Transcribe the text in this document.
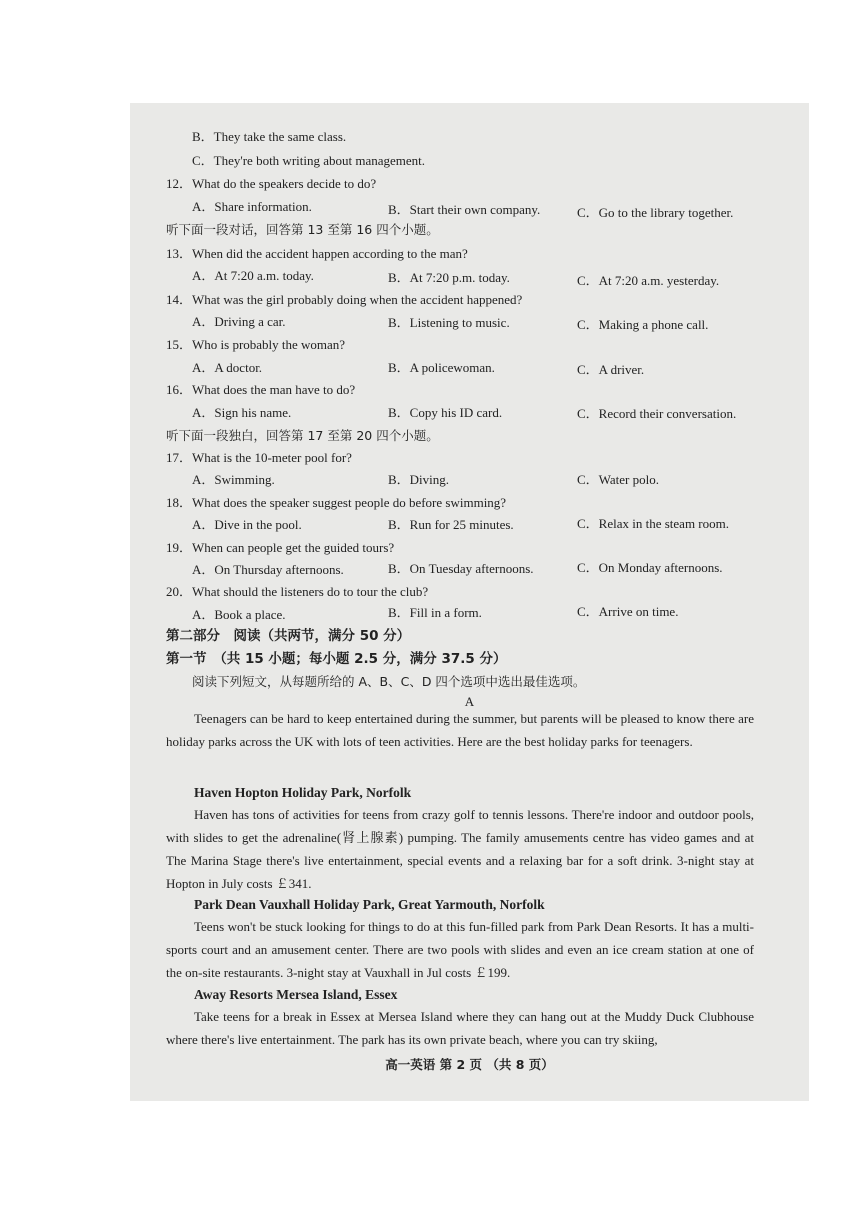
B．They take the same class.
C．They're both writing about management.
12．What do the speakers decide to do?
A．Share information.	B．Start their own company.	C．Go to the library together.
听下面一段对话，回答第 13 至第 16 四个小题。
13．When did the accident happen according to the man?
A．At 7:20 a.m. today.	B．At 7:20 p.m. today.	C．At 7:20 a.m. yesterday.
14．What was the girl probably doing when the accident happened?
A．Driving a car.	B．Listening to music.	C．Making a phone call.
15．Who is probably the woman?
A．A doctor.	B．A policewoman.	C．A driver.
16．What does the man have to do?
A．Sign his name.	B．Copy his ID card.	C．Record their conversation.
听下面一段独白，回答第 17 至第 20 四个小题。
17．What is the 10-meter pool for?
A．Swimming.	B．Diving.	C．Water polo.
18．What does the speaker suggest people do before swimming?
A．Dive in the pool.	B．Run for 25 minutes.	C．Relax in the steam room.
19．When can people get the guided tours?
A．On Thursday afternoons.	B．On Tuesday afternoons.	C．On Monday afternoons.
20．What should the listeners do to tour the club?
A．Book a place.	B．Fill in a form.	C．Arrive on time.
第二部分　阅读（共两节，满分 50 分）
第一节　（共 15 小题；每小题 2.5 分，满分 37.5 分）
阅读下列短文，从每题所给的 A、B、C、D 四个选项中选出最佳选项。
A
Teenagers can be hard to keep entertained during the summer, but parents will be pleased to know there are holiday parks across the UK with lots of teen activities. Here are the best holiday parks for teenagers.
Haven Hopton Holiday Park, Norfolk
Haven has tons of activities for teens from crazy golf to tennis lessons. There're indoor and outdoor pools, with slides to get the adrenaline(肾上腺素) pumping. The family amusements centre has video games and at The Marina Stage there's live entertainment, special events and a relaxing bar for a soft drink. 3-night stay at Hopton in July costs ￡341.
Park Dean Vauxhall Holiday Park, Great Yarmouth, Norfolk
Teens won't be stuck looking for things to do at this fun-filled park from Park Dean Resorts. It has a multi-sports court and an amusement center. There are two pools with slides and even an ice cream station at one of the on-site restaurants. 3-night stay at Vauxhall in Jul costs ￡199.
Away Resorts Mersea Island, Essex
Take teens for a break in Essex at Mersea Island where they can hang out at the Muddy Duck Clubhouse where there's live entertainment. The park has its own private beach, where you can try skiing,
高一英语 第 2 页 （共 8 页）
